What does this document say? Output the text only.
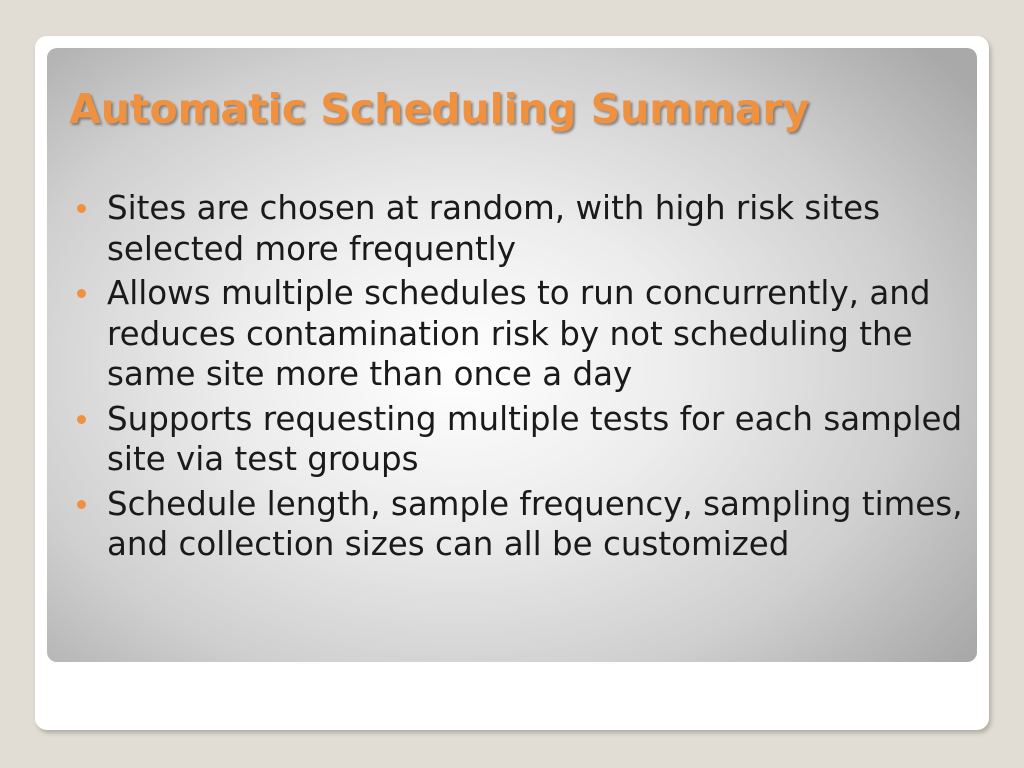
Automatic Scheduling Summary
Sites are chosen at random, with high risk sites selected more frequently
Allows multiple schedules to run concurrently, and reduces contamination risk by not scheduling the same site more than once a day
Supports requesting multiple tests for each sampled site via test groups
Schedule length, sample frequency, sampling times, and collection sizes can all be customized
